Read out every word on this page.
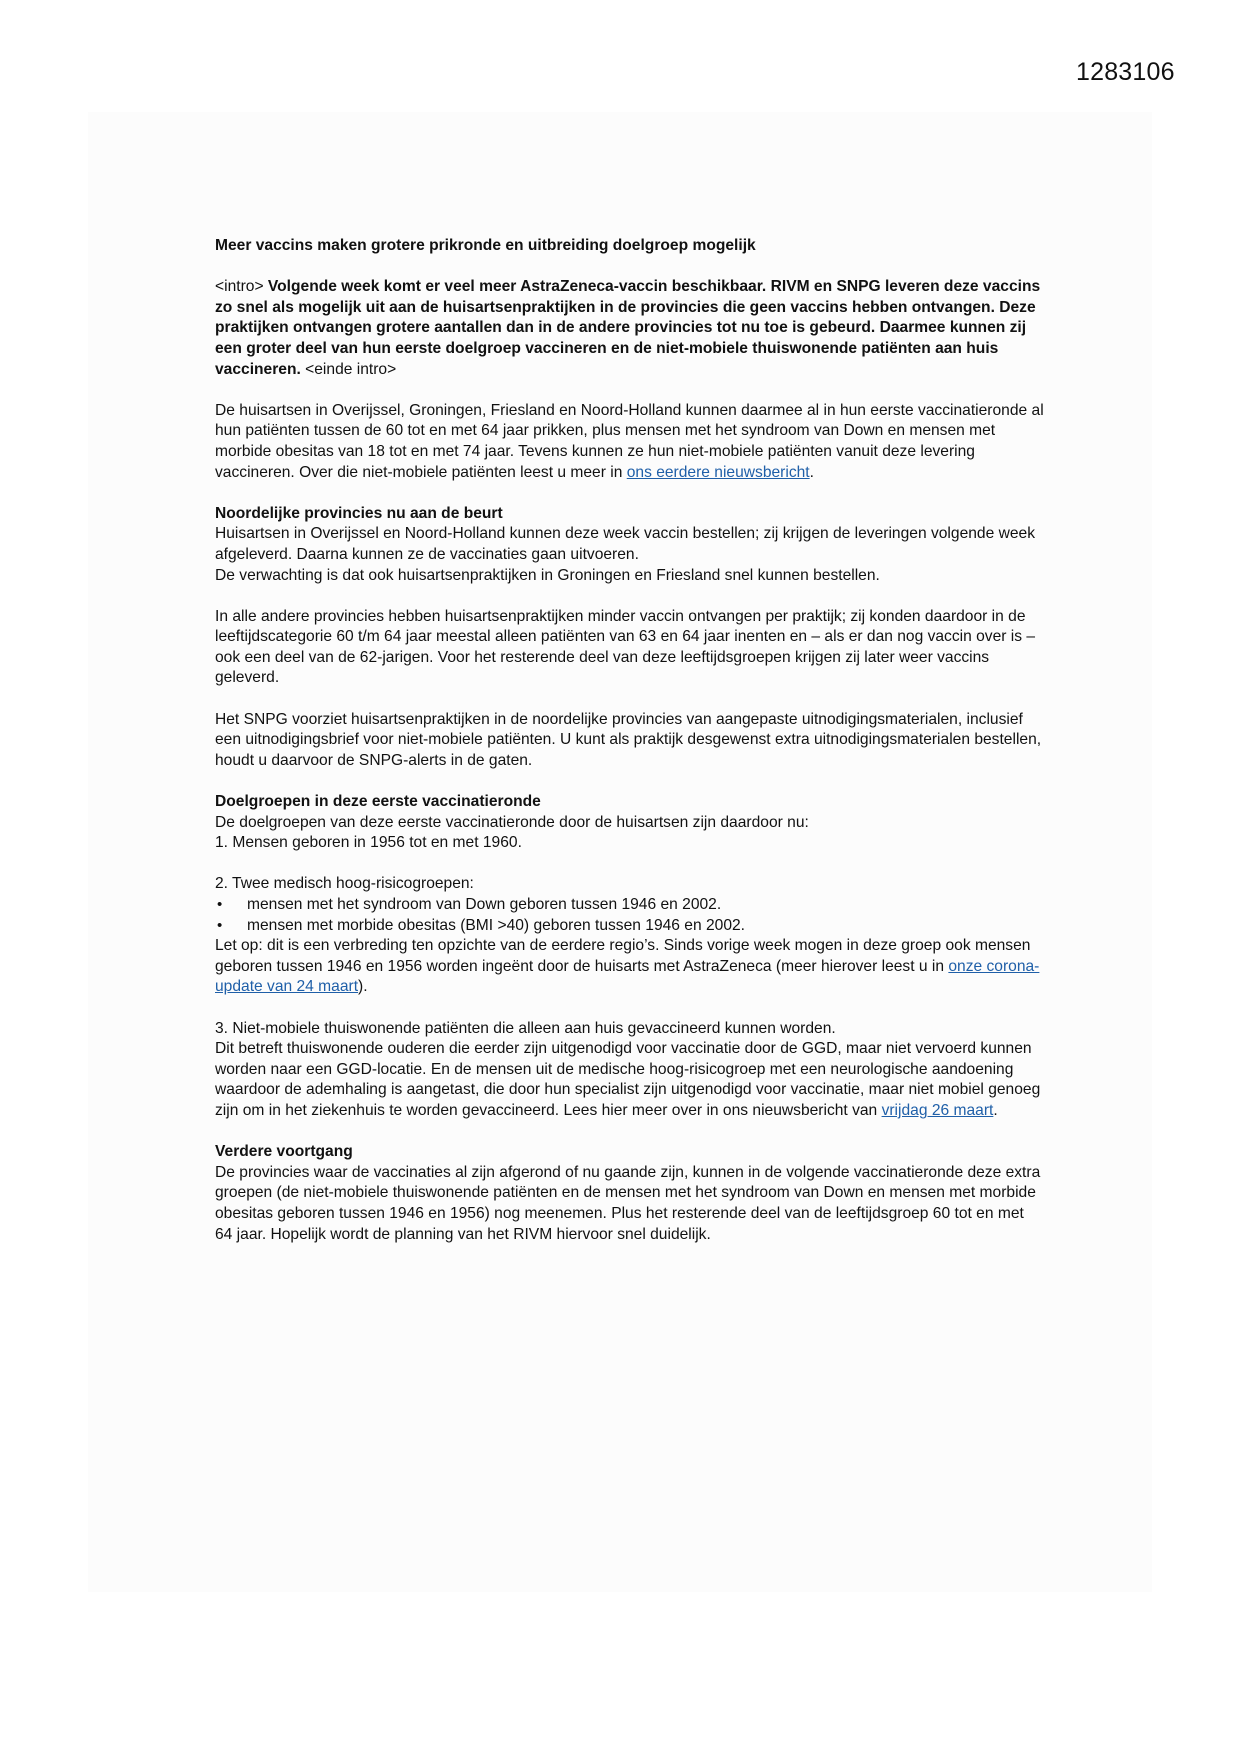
1283106

Meer vaccins maken grotere prikronde en uitbreiding doelgroep mogelijk

<intro> Volgende week komt er veel meer AstraZeneca-vaccin beschikbaar. RIVM en SNPG leveren deze vaccins zo snel als mogelijk uit aan de huisartsenpraktijken in de provincies die geen vaccins hebben ontvangen. Deze praktijken ontvangen grotere aantallen dan in de andere provincies tot nu toe is gebeurd. Daarmee kunnen zij een groter deel van hun eerste doelgroep vaccineren en de niet-mobiele thuiswonende patiënten aan huis vaccineren. <einde intro>

De huisartsen in Overijssel, Groningen, Friesland en Noord-Holland kunnen daarmee al in hun eerste vaccinatieronde al hun patiënten tussen de 60 tot en met 64 jaar prikken, plus mensen met het syndroom van Down en mensen met morbide obesitas van 18 tot en met 74 jaar. Tevens kunnen ze hun niet-mobiele patiënten vanuit deze levering vaccineren. Over die niet-mobiele patiënten leest u meer in ons eerdere nieuwsbericht.

Noordelijke provincies nu aan de beurt

Huisartsen in Overijssel en Noord-Holland kunnen deze week vaccin bestellen; zij krijgen de leveringen volgende week afgeleverd. Daarna kunnen ze de vaccinaties gaan uitvoeren.

De verwachting is dat ook huisartsenpraktijken in Groningen en Friesland snel kunnen bestellen.

In alle andere provincies hebben huisartsenpraktijken minder vaccin ontvangen per praktijk; zij konden daardoor in de leeftijdscategorie 60 t/m 64 jaar meestal alleen patiënten van 63 en 64 jaar inenten en – als er dan nog vaccin over is – ook een deel van de 62-jarigen. Voor het resterende deel van deze leeftijdsgroepen krijgen zij later weer vaccins geleverd.

Het SNPG voorziet huisartsenpraktijken in de noordelijke provincies van aangepaste uitnodigingsmaterialen, inclusief een uitnodigingsbrief voor niet-mobiele patiënten. U kunt als praktijk desgewenst extra uitnodigingsmaterialen bestellen, houdt u daarvoor de SNPG-alerts in de gaten.

Doelgroepen in deze eerste vaccinatieronde

De doelgroepen van deze eerste vaccinatieronde door de huisartsen zijn daardoor nu:

1. Mensen geboren in 1956 tot en met 1960.

2. Twee medisch hoog-risicogroepen:

• mensen met het syndroom van Down geboren tussen 1946 en 2002.
• mensen met morbide obesitas (BMI >40) geboren tussen 1946 en 2002.

Let op: dit is een verbreding ten opzichte van de eerdere regio’s. Sinds vorige week mogen in deze groep ook mensen geboren tussen 1946 en 1956 worden ingeënt door de huisarts met AstraZeneca (meer hierover leest u in onze corona-update van 24 maart).

3. Niet-mobiele thuiswonende patiënten die alleen aan huis gevaccineerd kunnen worden.

Dit betreft thuiswonende ouderen die eerder zijn uitgenodigd voor vaccinatie door de GGD, maar niet vervoerd kunnen worden naar een GGD-locatie. En de mensen uit de medische hoog-risicogroep met een neurologische aandoening waardoor de ademhaling is aangetast, die door hun specialist zijn uitgenodigd voor vaccinatie, maar niet mobiel genoeg zijn om in het ziekenhuis te worden gevaccineerd. Lees hier meer over in ons nieuwsbericht van vrijdag 26 maart.

Verdere voortgang

De provincies waar de vaccinaties al zijn afgerond of nu gaande zijn, kunnen in de volgende vaccinatieronde deze extra groepen (de niet-mobiele thuiswonende patiënten en de mensen met het syndroom van Down en mensen met morbide obesitas geboren tussen 1946 en 1956) nog meenemen. Plus het resterende deel van de leeftijdsgroep 60 tot en met 64 jaar. Hopelijk wordt de planning van het RIVM hiervoor snel duidelijk.
